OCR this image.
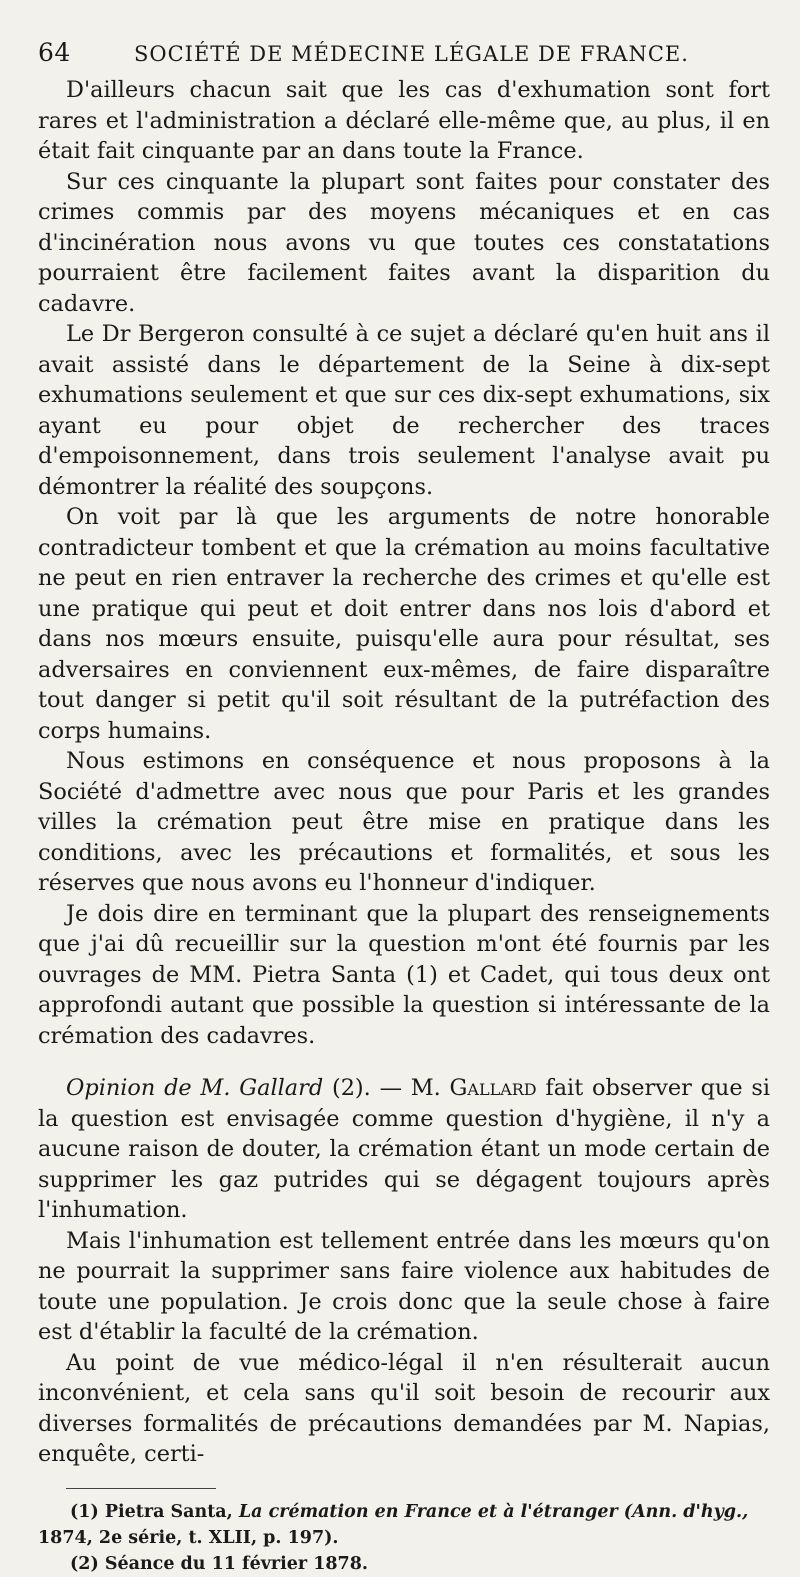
64	SOCIÉTÉ DE MÉDECINE LÉGALE DE FRANCE.

D'ailleurs chacun sait que les cas d'exhumation sont fort rares et l'administration a déclaré elle-même que, au plus, il en était fait cinquante par an dans toute la France.

Sur ces cinquante la plupart sont faites pour constater des crimes commis par des moyens mécaniques et en cas d'incinération nous avons vu que toutes ces constatations pourraient être facilement faites avant la disparition du cadavre.

Le Dr Bergeron consulté à ce sujet a déclaré qu'en huit ans il avait assisté dans le département de la Seine à dix-sept exhumations seulement et que sur ces dix-sept exhumations, six ayant eu pour objet de rechercher des traces d'empoisonnement, dans trois seulement l'analyse avait pu démontrer la réalité des soupçons.

On voit par là que les arguments de notre honorable contradicteur tombent et que la crémation au moins facultative ne peut en rien entraver la recherche des crimes et qu'elle est une pratique qui peut et doit entrer dans nos lois d'abord et dans nos mœurs ensuite, puisqu'elle aura pour résultat, ses adversaires en conviennent eux-mêmes, de faire disparaître tout danger si petit qu'il soit résultant de la putréfaction des corps humains.

Nous estimons en conséquence et nous proposons à la Société d'admettre avec nous que pour Paris et les grandes villes la crémation peut être mise en pratique dans les conditions, avec les précautions et formalités, et sous les réserves que nous avons eu l'honneur d'indiquer.

Je dois dire en terminant que la plupart des renseignements que j'ai dû recueillir sur la question m'ont été fournis par les ouvrages de MM. Pietra Santa (1) et Cadet, qui tous deux ont approfondi autant que possible la question si intéressante de la crémation des cadavres.

Opinion de M. Gallard (2). — M. Gallard fait observer que si la question est envisagée comme question d'hygiène, il n'y a aucune raison de douter, la crémation étant un mode certain de supprimer les gaz putrides qui se dégagent toujours après l'inhumation.

Mais l'inhumation est tellement entrée dans les mœurs qu'on ne pourrait la supprimer sans faire violence aux habitudes de toute une population. Je crois donc que la seule chose à faire est d'établir la faculté de la crémation.

Au point de vue médico-légal il n'en résulterait aucun inconvénient, et cela sans qu'il soit besoin de recourir aux diverses formalités de précautions demandées par M. Napias, enquête, certi-

(1) Pietra Santa, La crémation en France et à l'étranger (Ann. d'hyg.,
1874, 2e série, t. XLII, p. 197).

(2) Séance du 11 février 1878.
